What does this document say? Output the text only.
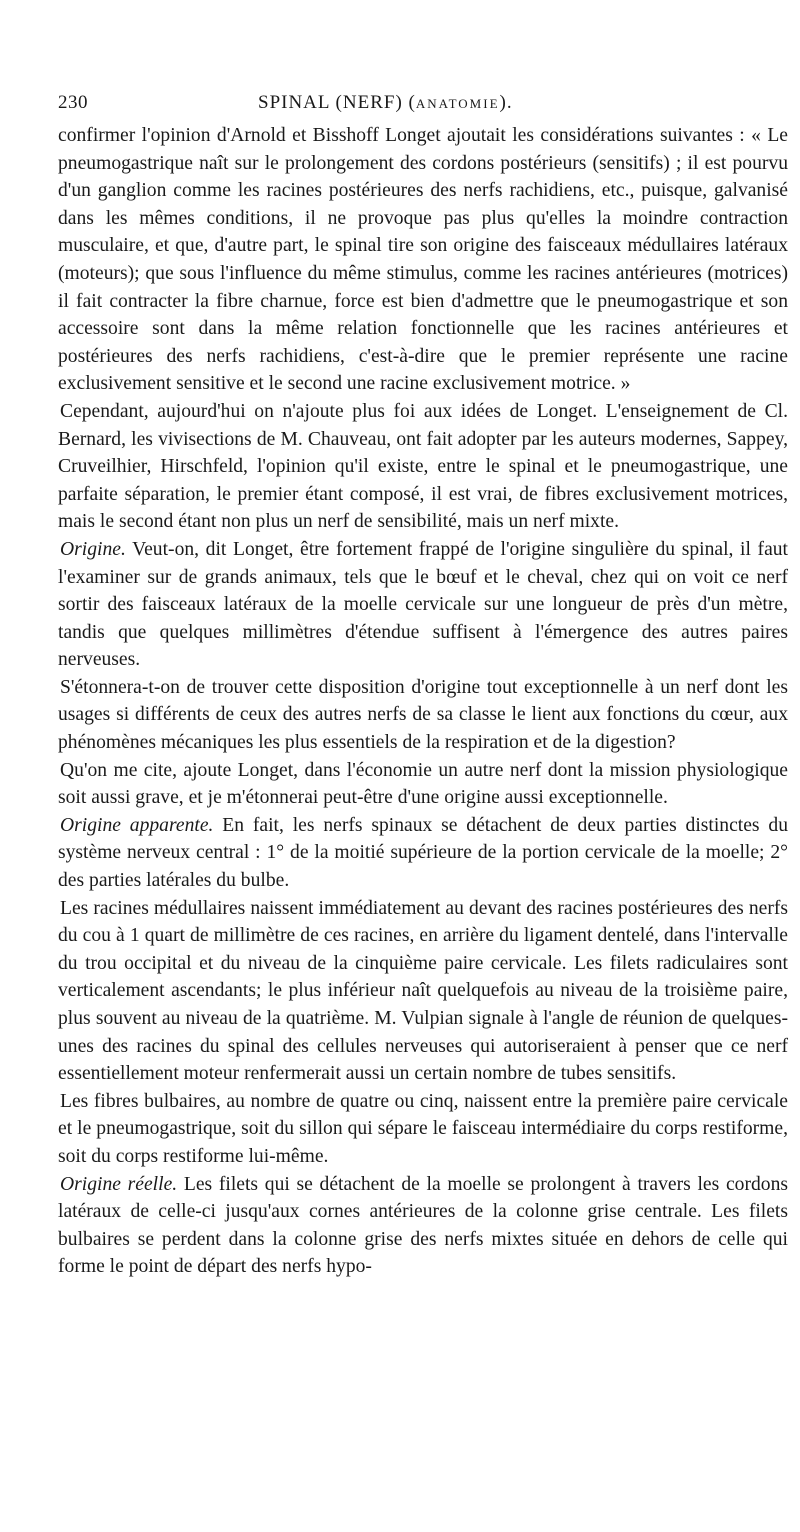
230	SPINAL (NERF) (ANATOMIE).

confirmer l'opinion d'Arnold et Bisshoff Longet ajoutait les considérations suivantes : « Le pneumogastrique naît sur le prolongement des cordons postérieurs (sensitifs) ; il est pourvu d'un ganglion comme les racines postérieures des nerfs rachidiens, etc., puisque, galvanisé dans les mêmes conditions, il ne provoque pas plus qu'elles la moindre contraction musculaire, et que, d'autre part, le spinal tire son origine des faisceaux médullaires latéraux (moteurs); que sous l'influence du même stimulus, comme les racines antérieures (motrices) il fait contracter la fibre charnue, force est bien d'admettre que le pneumogastrique et son accessoire sont dans la même relation fonctionnelle que les racines antérieures et postérieures des nerfs rachidiens, c'est-à-dire que le premier représente une racine exclusivement sensitive et le second une racine exclusivement motrice. »

Cependant, aujourd'hui on n'ajoute plus foi aux idées de Longet. L'enseignement de Cl. Bernard, les vivisections de M. Chauveau, ont fait adopter par les auteurs modernes, Sappey, Cruveilhier, Hirschfeld, l'opinion qu'il existe, entre le spinal et le pneumogastrique, une parfaite séparation, le premier étant composé, il est vrai, de fibres exclusivement motrices, mais le second étant non plus un nerf de sensibilité, mais un nerf mixte.

Origine. Veut-on, dit Longet, être fortement frappé de l'origine singulière du spinal, il faut l'examiner sur de grands animaux, tels que le bœuf et le cheval, chez qui on voit ce nerf sortir des faisceaux latéraux de la moelle cervicale sur une longueur de près d'un mètre, tandis que quelques millimètres d'étendue suffisent à l'émergence des autres paires nerveuses.

S'étonnera-t-on de trouver cette disposition d'origine tout exceptionnelle à un nerf dont les usages si différents de ceux des autres nerfs de sa classe le lient aux fonctions du cœur, aux phénomènes mécaniques les plus essentiels de la respiration et de la digestion?

Qu'on me cite, ajoute Longet, dans l'économie un autre nerf dont la mission physiologique soit aussi grave, et je m'étonnerai peut-être d'une origine aussi exceptionnelle.

Origine apparente. En fait, les nerfs spinaux se détachent de deux parties distinctes du système nerveux central : 1° de la moitié supérieure de la portion cervicale de la moelle; 2° des parties latérales du bulbe.

Les racines médullaires naissent immédiatement au devant des racines postérieures des nerfs du cou à 1 quart de millimètre de ces racines, en arrière du ligament dentelé, dans l'intervalle du trou occipital et du niveau de la cinquième paire cervicale. Les filets radiculaires sont verticalement ascendants; le plus inférieur naît quelquefois au niveau de la troisième paire, plus souvent au niveau de la quatrième. M. Vulpian signale à l'angle de réunion de quelques-unes des racines du spinal des cellules nerveuses qui autoriseraient à penser que ce nerf essentiellement moteur renfermerait aussi un certain nombre de tubes sensitifs.

Les fibres bulbaires, au nombre de quatre ou cinq, naissent entre la première paire cervicale et le pneumogastrique, soit du sillon qui sépare le faisceau intermédiaire du corps restiforme, soit du corps restiforme lui-même.

Origine réelle. Les filets qui se détachent de la moelle se prolongent à travers les cordons latéraux de celle-ci jusqu'aux cornes antérieures de la colonne grise centrale. Les filets bulbaires se perdent dans la colonne grise des nerfs mixtes située en dehors de celle qui forme le point de départ des nerfs hypo-
